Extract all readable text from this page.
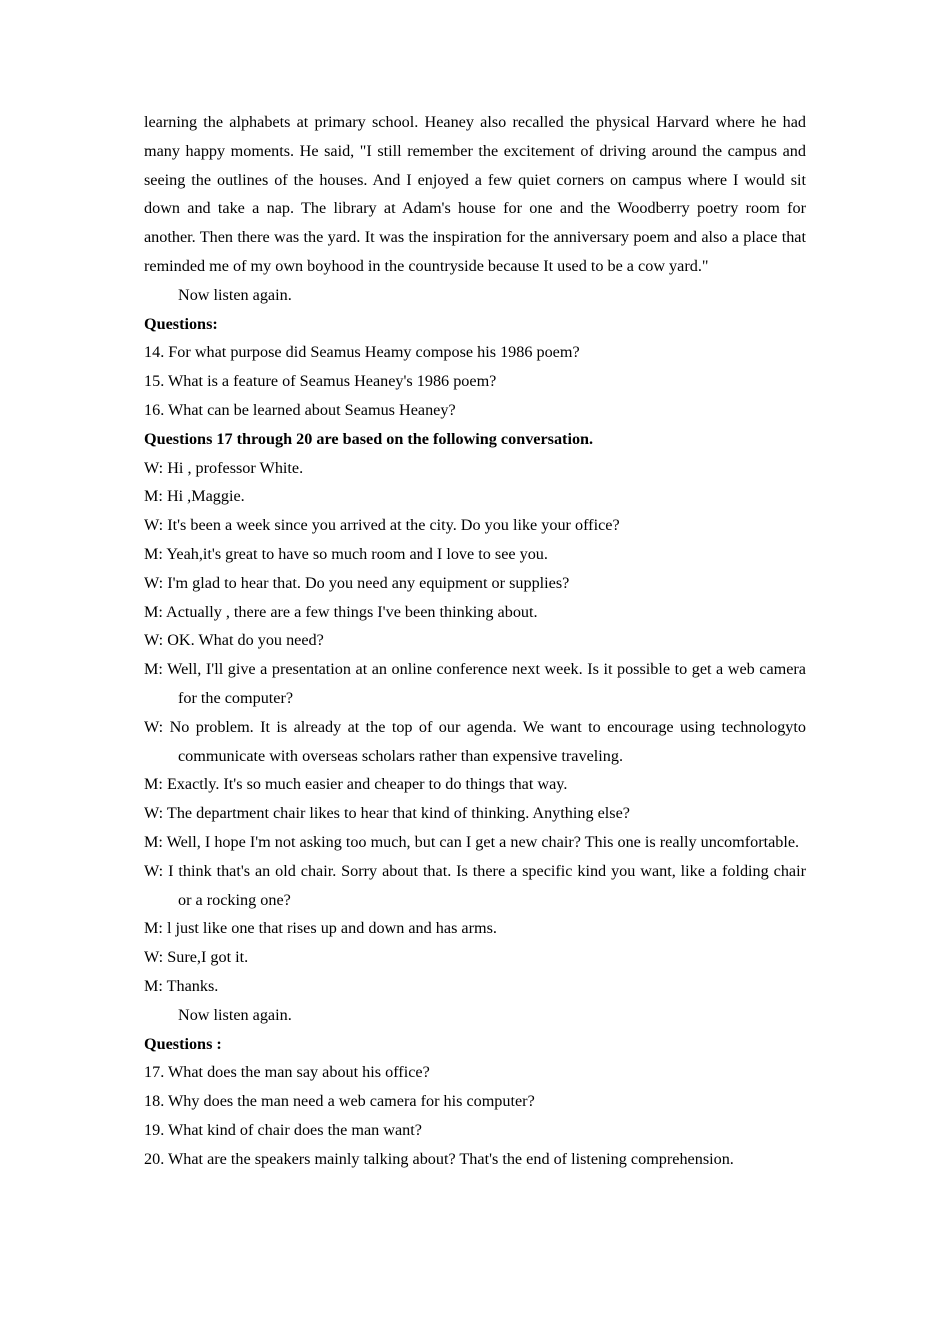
learning the alphabets at primary school. Heaney also recalled the physical Harvard where he had many happy moments. He said, "I still remember the excitement of driving around the campus and seeing the outlines of the houses. And I enjoyed a few quiet corners on campus where I would sit down and take a nap. The library at Adam's house for one and the Woodberry poetry room for another. Then there was the yard. It was the inspiration for the anniversary poem and also a place that reminded me of my own boyhood in the countryside because It used to be a cow yard."

Now listen again.

Questions:

14. For what purpose did Seamus Heamy compose his 1986 poem?

15. What is a feature of Seamus Heaney's 1986 poem?

16. What can be learned about Seamus Heaney?

Questions 17 through 20 are based on the following conversation.

W: Hi , professor White.

M: Hi ,Maggie.

W: It's been a week since you arrived at the city. Do you like your office?

M: Yeah,it's great to have so much room and I love to see you.

W: I'm glad to hear that. Do you need any equipment or supplies?

M: Actually , there are a few things I've been thinking about.

W: OK. What do you need?

M: Well, I'll give a presentation at an online conference next week. Is it possible to get a web camera for the computer?

W: No problem. It is already at the top of our agenda. We want to encourage using technologyto communicate with overseas scholars rather than expensive traveling.

M: Exactly. It's so much easier and cheaper to do things that way.

W: The department chair likes to hear that kind of thinking. Anything else?

M: Well, I hope I'm not asking too much, but can I get a new chair? This one is really uncomfortable.

W: I think that's an old chair. Sorry about that. Is there a specific kind you want, like a folding chair or a rocking one?

M: l just like one that rises up and down and has arms.

W: Sure,I got it.

M: Thanks.

Now listen again.

Questions :

17. What does the man say about his office?

18. Why does the man need a web camera for his computer?

19. What kind of chair does the man want?

20. What are the speakers mainly talking about? That's the end of listening comprehension.
